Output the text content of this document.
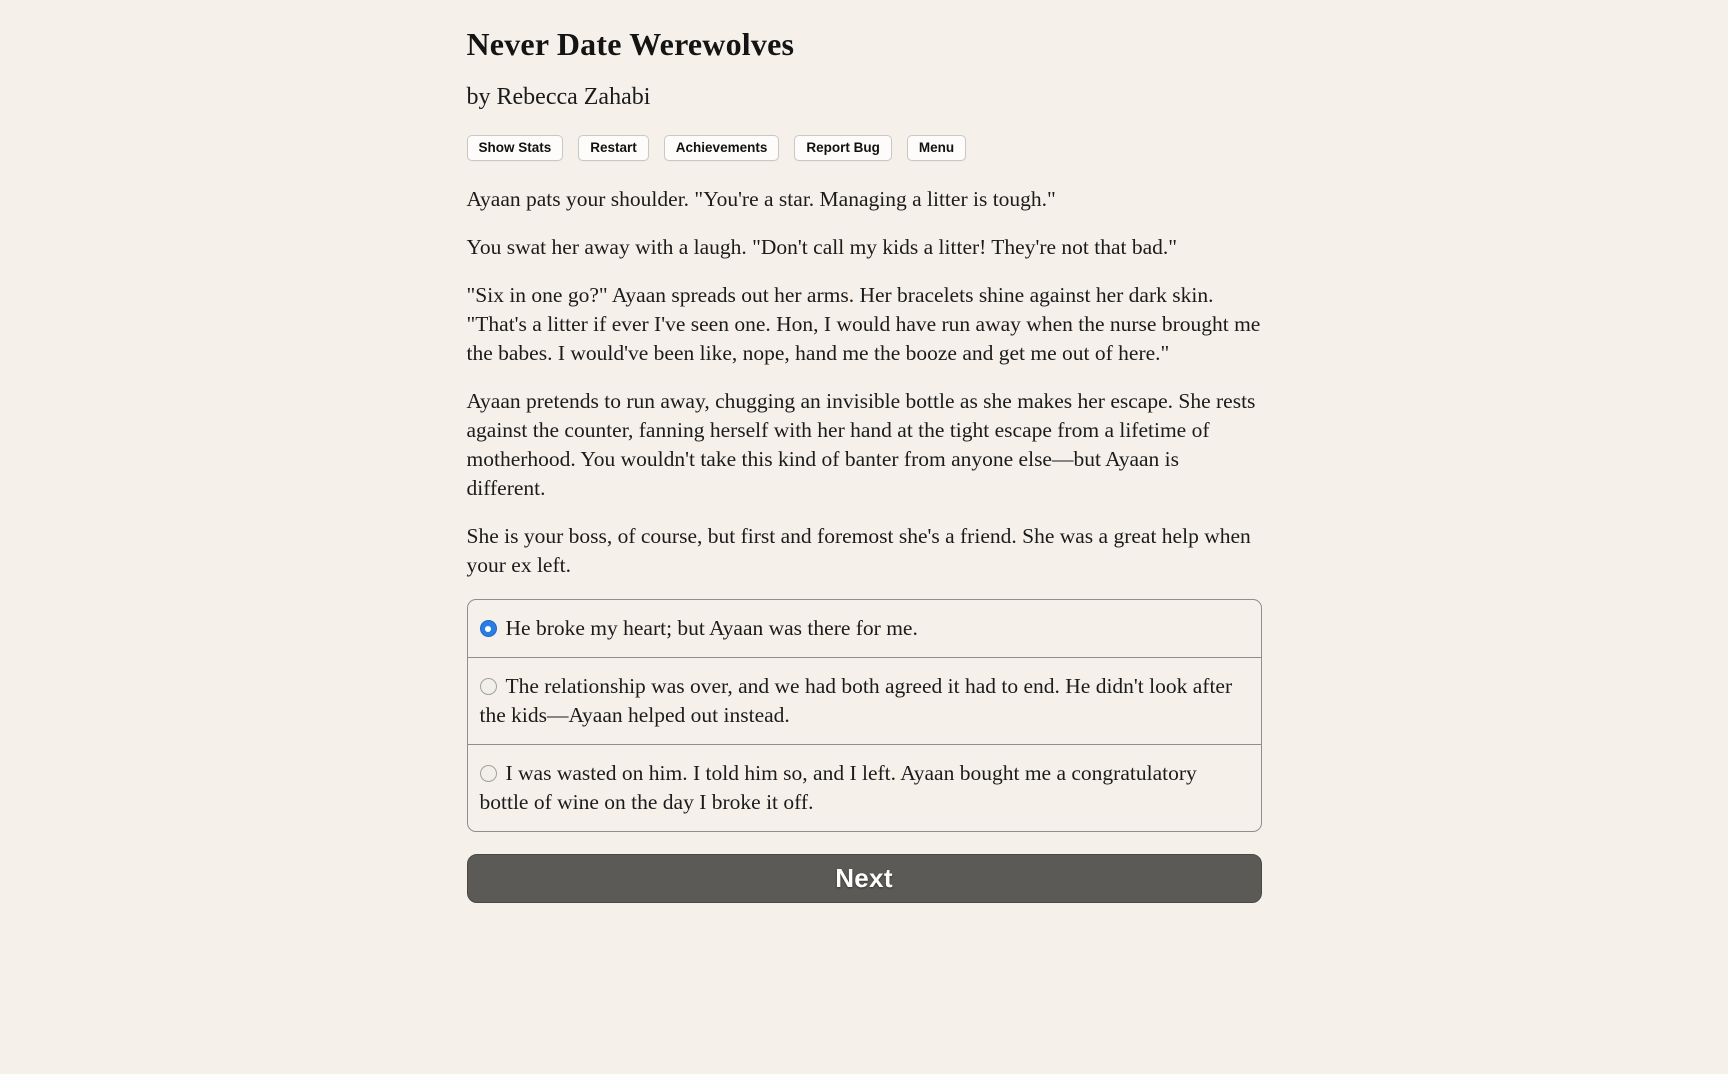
Never Date Werewolves
by Rebecca Zahabi
Show Stats	Restart	Achievements	Report Bug	Menu

Ayaan pats your shoulder. "You're a star. Managing a litter is tough."

You swat her away with a laugh. "Don't call my kids a litter! They're not that bad."

"Six in one go?" Ayaan spreads out her arms. Her bracelets shine against her dark skin. "That's a litter if ever I've seen one. Hon, I would have run away when the nurse brought me the babes. I would've been like, nope, hand me the booze and get me out of here."

Ayaan pretends to run away, chugging an invisible bottle as she makes her escape. She rests against the counter, fanning herself with her hand at the tight escape from a lifetime of motherhood. You wouldn't take this kind of banter from anyone else—but Ayaan is different.

She is your boss, of course, but first and foremost she's a friend. She was a great help when your ex left.

He broke my heart; but Ayaan was there for me.
The relationship was over, and we had both agreed it had to end. He didn't look after the kids—Ayaan helped out instead.
I was wasted on him. I told him so, and I left. Ayaan bought me a congratulatory bottle of wine on the day I broke it off.
Next
